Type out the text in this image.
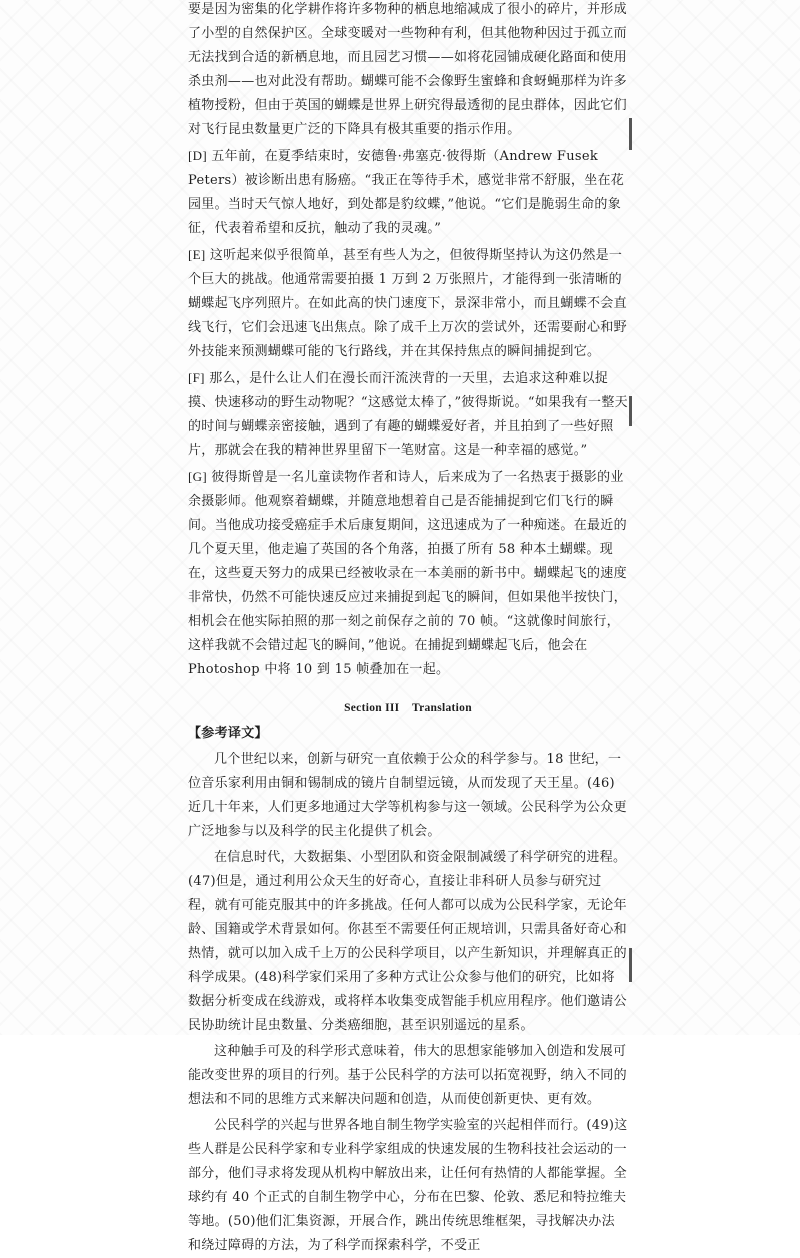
要是因为密集的化学耕作将许多物种的栖息地缩减成了很小的碎片，并形成了小型的自然保护区。全球变暖对一些物种有利，但其他物种因过于孤立而无法找到合适的新栖息地，而且园艺习惯——如将花园铺成硬化路面和使用杀虫剂——也对此没有帮助。蝴蝶可能不会像野生蜜蜂和食蚜蝇那样为许多植物授粉，但由于英国的蝴蝶是世界上研究得最透彻的昆虫群体，因此它们对飞行昆虫数量更广泛的下降具有极其重要的指示作用。

[D] 五年前，在夏季结束时，安德鲁·弗塞克·彼得斯（Andrew Fusek Peters）被诊断出患有肠癌。“我正在等待手术，感觉非常不舒服，坐在花园里。当时天气惊人地好，到处都是豹纹蝶，”他说。“它们是脆弱生命的象征，代表着希望和反抗，触动了我的灵魂。”

[E] 这听起来似乎很简单，甚至有些人为之，但彼得斯坚持认为这仍然是一个巨大的挑战。他通常需要拍摄 1 万到 2 万张照片，才能得到一张清晰的蝴蝶起飞序列照片。在如此高的快门速度下，景深非常小，而且蝴蝶不会直线飞行，它们会迅速飞出焦点。除了成千上万次的尝试外，还需要耐心和野外技能来预测蝴蝶可能的飞行路线，并在其保持焦点的瞬间捕捉到它。

[F] 那么，是什么让人们在漫长而汗流浃背的一天里，去追求这种难以捉摸、快速移动的野生动物呢？“这感觉太棒了，”彼得斯说。“如果我有一整天的时间与蝴蝶亲密接触，遇到了有趣的蝴蝶爱好者，并且拍到了一些好照片，那就会在我的精神世界里留下一笔财富。这是一种幸福的感觉。”

[G] 彼得斯曾是一名儿童读物作者和诗人，后来成为了一名热衷于摄影的业余摄影师。他观察着蝴蝶，并随意地想着自己是否能捕捉到它们飞行的瞬间。当他成功接受癌症手术后康复期间，这迅速成为了一种痴迷。在最近的几个夏天里，他走遍了英国的各个角落，拍摄了所有 58 种本土蝴蝶。现在，这些夏天努力的成果已经被收录在一本美丽的新书中。蝴蝶起飞的速度非常快，仍然不可能快速反应过来捕捉到起飞的瞬间，但如果他半按快门，相机会在他实际拍照的那一刻之前保存之前的 70 帧。“这就像时间旅行，这样我就不会错过起飞的瞬间，”他说。在捕捉到蝴蝶起飞后，他会在 Photoshop 中将 10 到 15 帧叠加在一起。

Section III    Translation

【参考译文】

几个世纪以来，创新与研究一直依赖于公众的科学参与。18 世纪，一位音乐家利用由铜和锡制成的镜片自制望远镜，从而发现了天王星。(46)近几十年来，人们更多地通过大学等机构参与这一领域。公民科学为公众更广泛地参与以及科学的民主化提供了机会。

在信息时代，大数据集、小型团队和资金限制减缓了科学研究的进程。(47)但是，通过利用公众天生的好奇心，直接让非科研人员参与研究过程，就有可能克服其中的许多挑战。任何人都可以成为公民科学家，无论年龄、国籍或学术背景如何。你甚至不需要任何正规培训，只需具备好奇心和热情，就可以加入成千上万的公民科学项目，以产生新知识，并理解真正的科学成果。(48)科学家们采用了多种方式让公众参与他们的研究，比如将数据分析变成在线游戏，或将样本收集变成智能手机应用程序。他们邀请公民协助统计昆虫数量、分类癌细胞，甚至识别遥远的星系。

这种触手可及的科学形式意味着，伟大的思想家能够加入创造和发展可能改变世界的项目的行列。基于公民科学的方法可以拓宽视野，纳入不同的想法和不同的思维方式来解决问题和创造，从而使创新更快、更有效。

公民科学的兴起与世界各地自制生物学实验室的兴起相伴而行。(49)这些人群是公民科学家和专业科学家组成的快速发展的生物科技社会运动的一部分，他们寻求将发现从机构中解放出来，让任何有热情的人都能掌握。全球约有 40 个正式的自制生物学中心，分布在巴黎、伦敦、悉尼和特拉维夫等地。(50)他们汇集资源，开展合作，跳出传统思维框架，寻找解决办法和绕过障碍的方法，为了科学而探索科学，不受正
